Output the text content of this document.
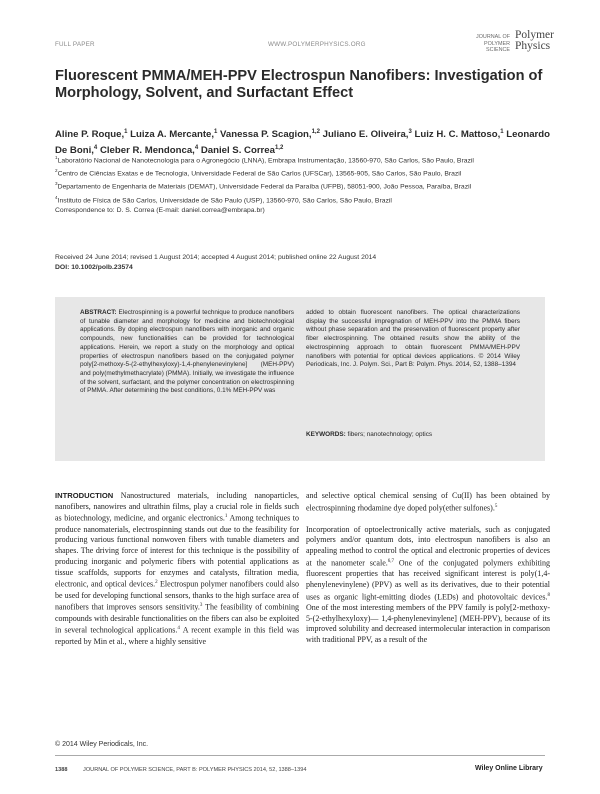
FULL PAPER	WWW.POLYMERPHYSICS.ORG
JOURNAL OF
POLYMER SCIENCE
Polymer
Physics
Fluorescent PMMA/MEH-PPV Electrospun Nanofibers: Investigation of Morphology, Solvent, and Surfactant Effect
Aline P. Roque,$^1$ Luiza A. Mercante,$^1$ Vanessa P. Scagion,$^{1,2}$ Juliano E. Oliveira,$^3$ Luiz H. C. Mattoso,$^1$ Leonardo De Boni,$^4$ Cleber R. Mendonca,$^4$ Daniel S. Correa$^{1,2}$
$^1$Laboratório Nacional de Nanotecnologia para o Agronegócio (LNNA), Embrapa Instrumentação, 13560-970, São Carlos, São Paulo, Brazil
$^2$Centro de Ciências Exatas e de Tecnologia, Universidade Federal de São Carlos (UFSCar), 13565-905, São Carlos, São Paulo, Brazil
$^3$Departamento de Engenharia de Materiais (DEMAT), Universidade Federal da Paraíba (UFPB), 58051-900, João Pessoa, Paraíba, Brazil
$^4$Instituto de Física de São Carlos, Universidade de São Paulo (USP), 13560-970, São Carlos, São Paulo, Brazil
Correspondence to: D. S. Correa (E-mail: daniel.correa@embrapa.br)
Received 24 June 2014; revised 1 August 2014; accepted 4 August 2014; published online 22 August 2014
DOI: 10.1002/polb.23574
ABSTRACT: Electrospinning is a powerful technique to produce nanofibers of tunable diameter and morphology for medicine and biotechnological applications. By doping electrospun nanofibers with inorganic and organic compounds, new functionalities can be provided for technological applications. Herein, we report a study on the morphology and optical properties of electrospun nanofibers based on the conjugated polymer poly[2-methoxy-5-(2-ethylhexyloxy)-1,4-phenylenevinylene] (MEH-PPV) and poly(methylmethacrylate) (PMMA). Initially, we investigate the influence of the solvent, surfactant, and the polymer concentration on electrospinning of PMMA. After determining the best conditions, 0.1% MEH-PPV was
added to obtain fluorescent nanofibers. The optical characterizations display the successful impregnation of MEH-PPV into the PMMA fibers without phase separation and the preservation of fluorescent property after fiber electrospinning. The obtained results show the ability of the electrospinning approach to obtain fluorescent PMMA/MEH-PPV nanofibers with potential for optical devices applications. © 2014 Wiley Periodicals, Inc. J. Polym. Sci., Part B: Polym. Phys. 2014, 52, 1388–1394
KEYWORDS: fibers; nanotechnology; optics

INTRODUCTION Nanostructured materials, including nanoparticles, nanofibers, nanowires and ultrathin films, play a crucial role in fields such as biotechnology, medicine, and organic electronics.$^1$ Among techniques to produce nanomaterials, electrospinning stands out due to the feasibility for producing various functional nonwoven fibers with tunable diameters and shapes. The driving force of interest for this technique is the possibility of producing inorganic and polymeric fibers with potential applications as tissue scaffolds, supports for enzymes and catalysts, filtration media, electronic, and optical devices.$^2$ Electrospun polymer nanofibers could also be used for developing functional sensors, thanks to the high surface area of nanofibers that improves sensors sensitivity.$^3$ The feasibility of combining compounds with desirable functionalities on the fibers can also be exploited in several technological applications.$^4$ A recent example in this field was reported by Min et al., where a highly sensitive

and selective optical chemical sensing of Cu(II) has been obtained by electrospinning rhodamine dye doped poly(ether sulfones).$^5$

Incorporation of optoelectronically active materials, such as conjugated polymers and/or quantum dots, into electrospun nanofibers is also an appealing method to control the optical and electronic properties of devices at the nanometer scale.$^{6,7}$ One of the conjugated polymers exhibiting fluorescent properties that has received significant interest is poly(1,4-phenylenevinylene) (PPV) as well as its derivatives, due to their potential uses as organic light-emitting diodes (LEDs) and photovoltaic devices.$^8$ One of the most interesting members of the PPV family is poly[2-methoxy-5-(2-ethylhexyloxy)— 1,4-phenylenevinylene] (MEH-PPV), because of its improved solubility and decreased intermolecular interaction in comparison with traditional PPV, as a result of the

© 2014 Wiley Periodicals, Inc.
1388	JOURNAL OF POLYMER SCIENCE, PART B: POLYMER PHYSICS 2014, 52, 1388–1394	Wiley Online Library
